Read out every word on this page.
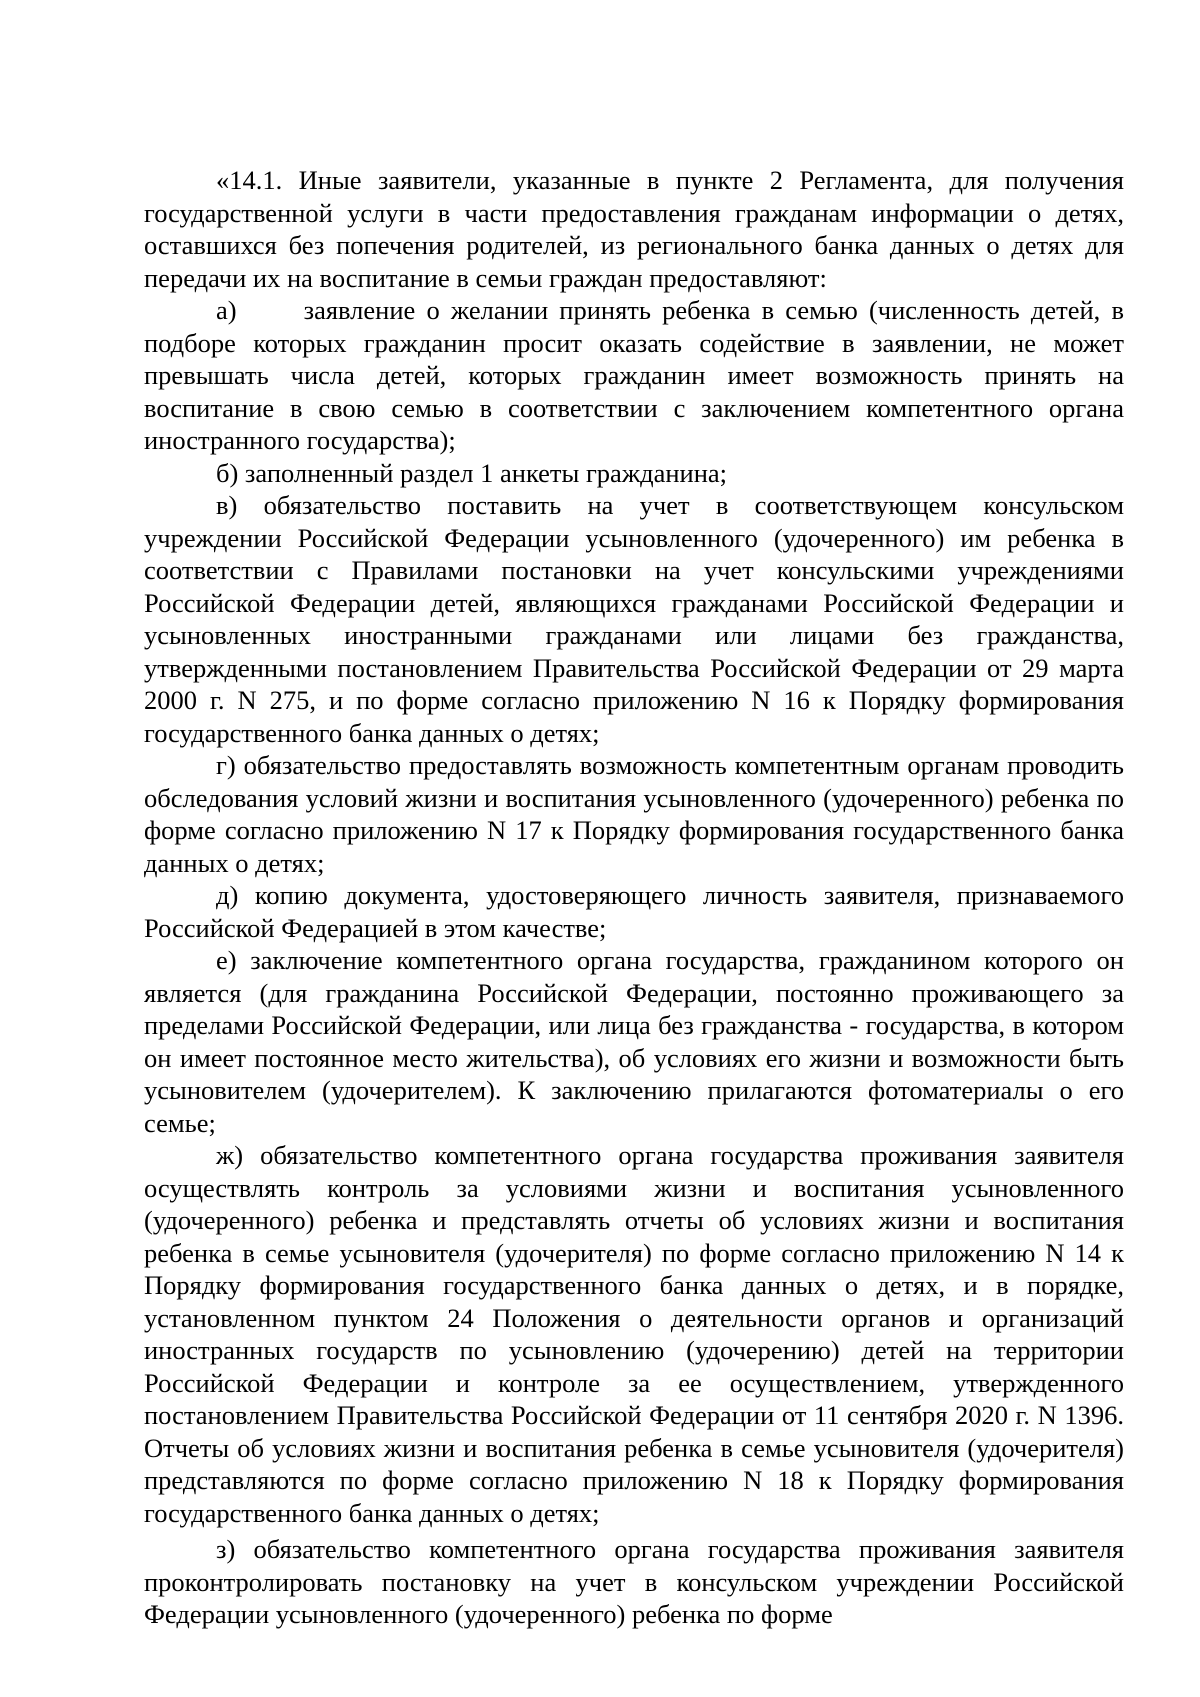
«14.1. Иные заявители, указанные в пункте 2 Регламента, для получения государственной услуги в части предоставления гражданам информации о детях, оставшихся без попечения родителей, из регионального банка данных о детях для передачи их на воспитание в семьи граждан предоставляют:

а)      заявление о желании принять ребенка в семью (численность детей, в подборе которых гражданин просит оказать содействие в заявлении, не может превышать числа детей, которых гражданин имеет возможность принять на воспитание в свою семью в соответствии с заключением компетентного органа иностранного государства);

б) заполненный раздел 1 анкеты гражданина;

в) обязательство поставить на учет в соответствующем консульском учреждении Российской Федерации усыновленного (удочеренного) им ребенка в соответствии с Правилами постановки на учет консульскими учреждениями Российской Федерации детей, являющихся гражданами Российской Федерации и усыновленных иностранными гражданами или лицами без гражданства, утвержденными постановлением Правительства Российской Федерации от 29 марта 2000 г. N 275, и по форме согласно приложению N 16 к Порядку формирования государственного банка данных о детях;

г) обязательство предоставлять возможность компетентным органам проводить обследования условий жизни и воспитания усыновленного (удочеренного) ребенка по форме согласно приложению N 17 к Порядку формирования государственного банка данных о детях;

д) копию документа, удостоверяющего личность заявителя, признаваемого Российской Федерацией в этом качестве;

е) заключение компетентного органа государства, гражданином которого он является (для гражданина Российской Федерации, постоянно проживающего за пределами Российской Федерации, или лица без гражданства - государства, в котором он имеет постоянное место жительства), об условиях его жизни и возможности быть усыновителем (удочерителем). К заключению прилагаются фотоматериалы о его семье;

ж) обязательство компетентного органа государства проживания заявителя осуществлять контроль за условиями жизни и воспитания усыновленного (удочеренного) ребенка и представлять отчеты об условиях жизни и воспитания ребенка в семье усыновителя (удочерителя) по форме согласно приложению N 14 к Порядку формирования государственного банка данных о детях, и в порядке, установленном пунктом 24 Положения о деятельности органов и организаций иностранных государств по усыновлению (удочерению) детей на территории Российской Федерации и контроле за ее осуществлением, утвержденного постановлением Правительства Российской Федерации от 11 сентября 2020 г. N 1396. Отчеты об условиях жизни и воспитания ребенка в семье усыновителя (удочерителя) представляются по форме согласно приложению N 18 к Порядку формирования государственного банка данных о детях;

з) обязательство компетентного органа государства проживания заявителя проконтролировать постановку на учет в консульском учреждении Российской Федерации усыновленного (удочеренного) ребенка по форме
